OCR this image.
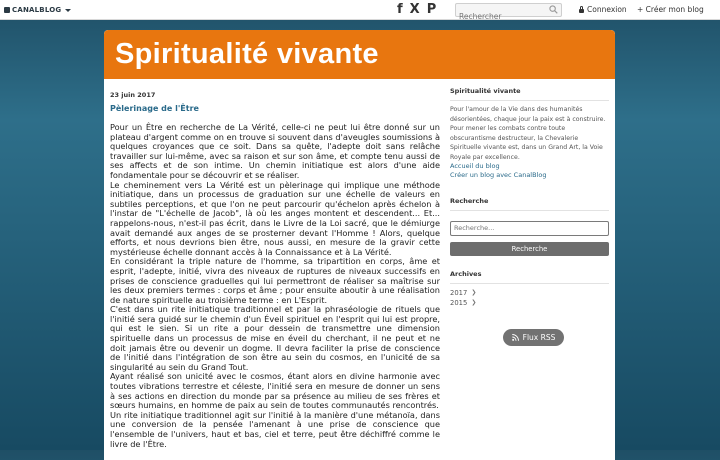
CANALBLOG	f X P
Rechercher	Connexion + Créer mon blog
Spiritualité vivante
23 juin 2017
Pèlerinage de l'Être

Pour un Être en recherche de La Vérité, celle-ci ne peut lui être donné sur un plateau d'argent comme on en trouve si souvent dans d'aveugles soumissions à quelques croyances que ce soit. Dans sa quête, l'adepte doit sans relâche travailler sur lui-même, avec sa raison et sur son âme, et compte tenu aussi de ses affects et de son intime. Un chemin initiatique est alors d'une aide fondamentale pour se découvrir et se réaliser.

Le cheminement vers La Vérité est un pèlerinage qui implique une méthode initiatique, dans un processus de graduation sur une échelle de valeurs en subtiles perceptions, et que l'on ne peut parcourir qu'échelon après échelon à l'instar de "L'échelle de Jacob", là où les anges montent et descendent... Et... rappelons-nous, n'est-il pas écrit, dans le Livre de la Loi sacré, que le démiurge avait demandé aux anges de se prosterner devant l'Homme ! Alors, quelque efforts, et nous devrions bien être, nous aussi, en mesure de la gravir cette mystérieuse échelle donnant accès à la Connaissance et à La Vérité.

En considérant la triple nature de l'homme, sa tripartition en corps, âme et esprit, l'adepte, initié, vivra des niveaux de ruptures de niveaux successifs en prises de conscience graduelles qui lui permettront de réaliser sa maîtrise sur les deux premiers termes : corps et âme ; pour ensuite aboutir à une réalisation de nature spirituelle au troisième terme : en L'Esprit.

C'est dans un rite initiatique traditionnel et par la phraséologie de rituels que l'initié sera guidé sur le chemin d'un Éveil spirituel en l'esprit qui lui est propre, qui est le sien. Si un rite a pour dessein de transmettre une dimension spirituelle dans un processus de mise en éveil du cherchant, il ne peut et ne doit jamais être ou devenir un dogme. Il devra faciliter la prise de conscience de l'initié dans l'intégration de son être au sein du cosmos, en l'unicité de sa singularité au sein du Grand Tout.

Ayant réalisé son unicité avec le cosmos, étant alors en divine harmonie avec toutes vibrations terrestre et céleste, l'initié sera en mesure de donner un sens à ses actions en direction du monde par sa présence au milieu de ses frères et sœurs humains, en homme de paix au sein de toutes communautés rencontrés.

Un rite initiatique traditionnel agit sur l'initié à la manière d'une métanoïa, dans une conversion de la pensée l'amenant à une prise de conscience que l'ensemble de l'univers, haut et bas, ciel et terre, peut être déchiffré comme le livre de l'Être.

Spiritualité vivante
Pour l'amour de la Vie dans des humanités désorientées, chaque jour la paix est à construire. Pour mener les combats contre toute obscurantisme destructeur, la Chevalerie Spirituelle vivante est, dans un Grand Art, la Voie Royale par excellence.
Accueil du blog
Créer un blog avec CanalBlog
Recherche
Recherche... Recherche
Archives
2017 ❯
2015 ❯
Flux RSS
